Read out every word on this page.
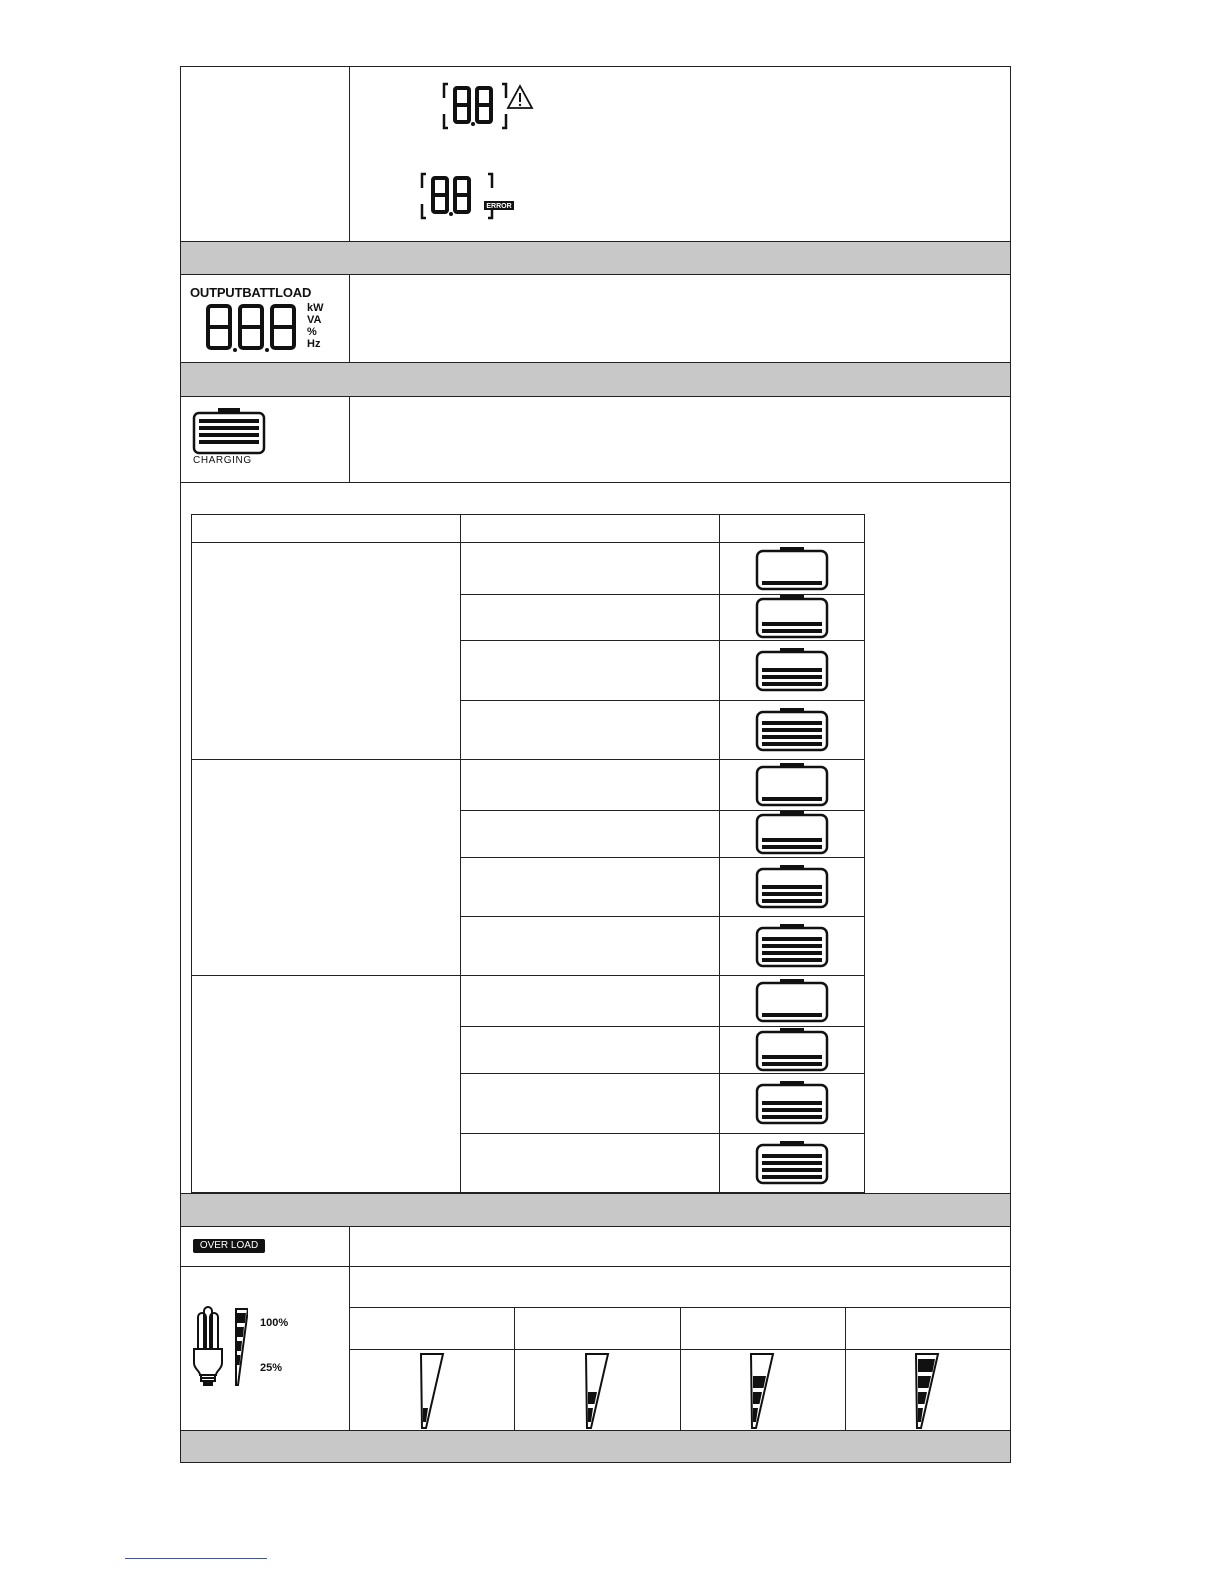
ERROR
OUTPUTBATTLOAD
kW
VA
%
Hz
CHARGING
OVER LOAD
100%
25%
